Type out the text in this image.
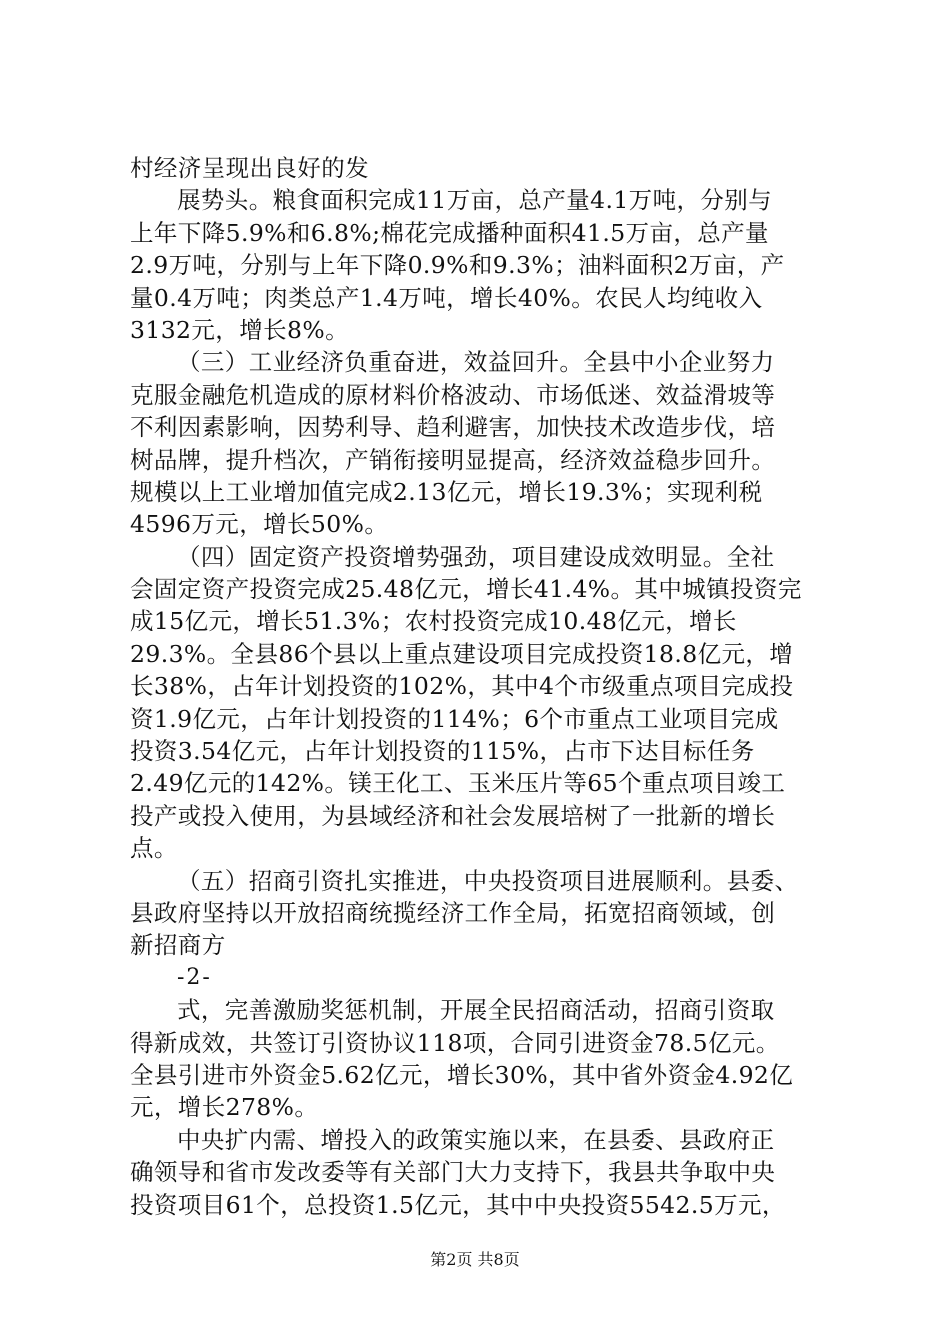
村经济呈现出良好的发
展势头。粮食面积完成11万亩，总产量4.1万吨，分别与
上年下降5.9%和6.8%;棉花完成播种面积41.5万亩，总产量
2.9万吨，分别与上年下降0.9%和9.3%；油料面积2万亩，产
量0.4万吨；肉类总产1.4万吨，增长40%。农民人均纯收入
3132元，增长8%。
（三）工业经济负重奋进，效益回升。全县中小企业努力
克服金融危机造成的原材料价格波动、市场低迷、效益滑坡等
不利因素影响，因势利导、趋利避害，加快技术改造步伐，培
树品牌，提升档次，产销衔接明显提高，经济效益稳步回升。
规模以上工业增加值完成2.13亿元，增长19.3%；实现利税
4596万元，增长50%。
（四）固定资产投资增势强劲，项目建设成效明显。全社
会固定资产投资完成25.48亿元，增长41.4%。其中城镇投资完
成15亿元，增长51.3%；农村投资完成10.48亿元，增长
29.3%。全县86个县以上重点建设项目完成投资18.8亿元，增
长38%，占年计划投资的102%，其中4个市级重点项目完成投
资1.9亿元，占年计划投资的114%；6个市重点工业项目完成
投资3.54亿元，占年计划投资的115%，占市下达目标任务
2.49亿元的142%。镁王化工、玉米压片等65个重点项目竣工
投产或投入使用，为县域经济和社会发展培树了一批新的增长
点。
（五）招商引资扎实推进，中央投资项目进展顺利。县委、
县政府坚持以开放招商统揽经济工作全局，拓宽招商领域，创
新招商方
-2-
式，完善激励奖惩机制，开展全民招商活动，招商引资取
得新成效，共签订引资协议118项，合同引进资金78.5亿元。
全县引进市外资金5.62亿元，增长30%，其中省外资金4.92亿
元，增长278%。
中央扩内需、增投入的政策实施以来，在县委、县政府正
确领导和省市发改委等有关部门大力支持下，我县共争取中央
投资项目61个，总投资1.5亿元，其中中央投资5542.5万元，
第2页 共8页
